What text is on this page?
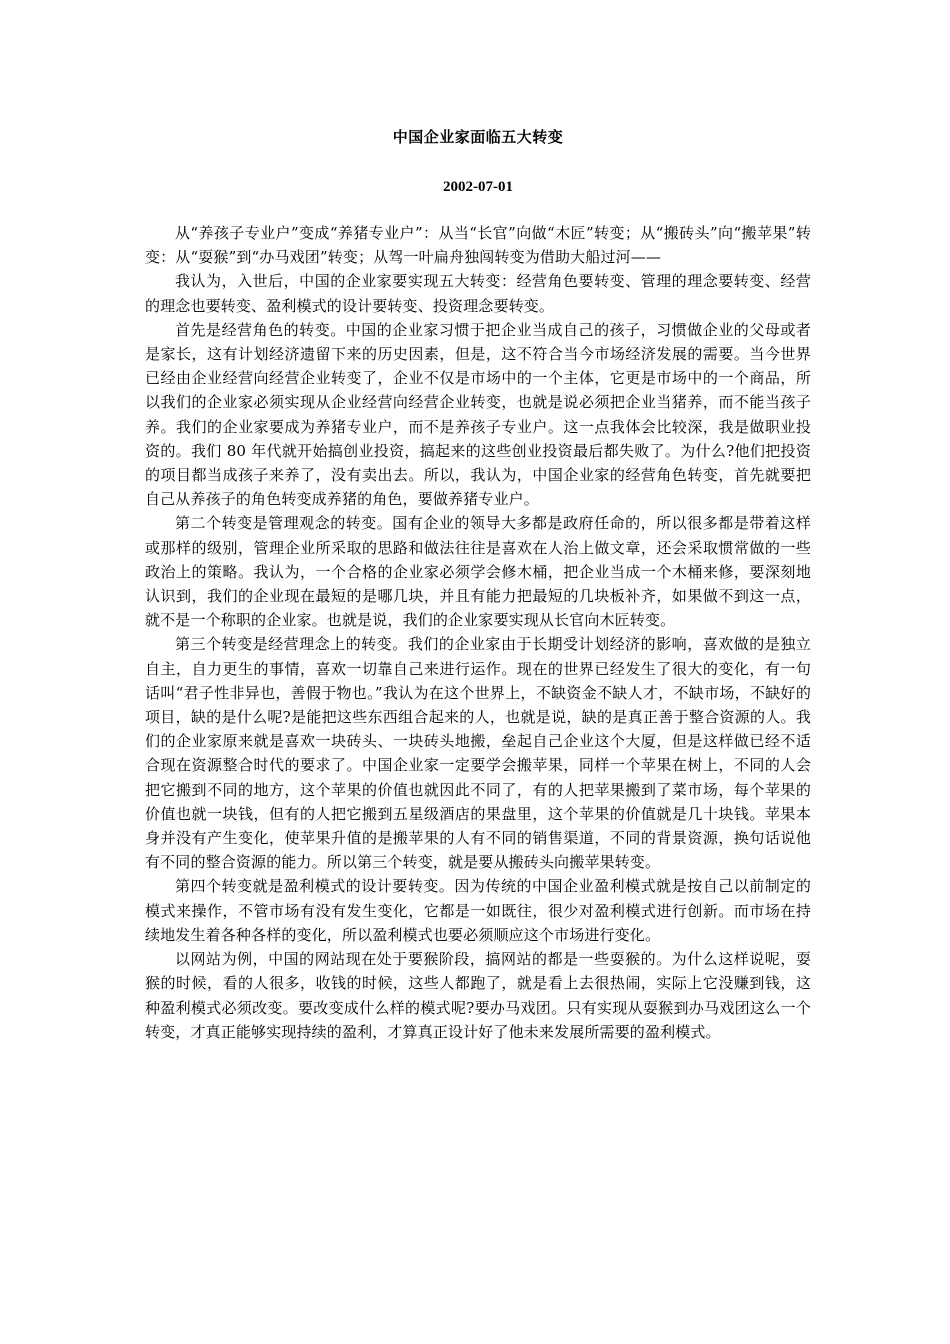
中国企业家面临五大转变
2002-07-01

从“养孩子专业户”变成“养猪专业户”：从当“长官”向做“木匠”转变；从“搬砖头”向“搬苹果”转变：从“耍猴”到“办马戏团”转变；从驾一叶扁舟独闯转变为借助大船过河——

我认为，入世后，中国的企业家要实现五大转变：经营角色要转变、管理的理念要转变、经营的理念也要转变、盈利模式的设计要转变、投资理念要转变。

首先是经营角色的转变。中国的企业家习惯于把企业当成自己的孩子，习惯做企业的父母或者是家长，这有计划经济遗留下来的历史因素，但是，这不符合当今市场经济发展的需要。当今世界已经由企业经营向经营企业转变了，企业不仅是市场中的一个主体，它更是市场中的一个商品，所以我们的企业家必须实现从企业经营向经营企业转变，也就是说必须把企业当猪养，而不能当孩子养。我们的企业家要成为养猪专业户，而不是养孩子专业户。这一点我体会比较深，我是做职业投资的。我们 80 年代就开始搞创业投资，搞起来的这些创业投资最后都失败了。为什么?他们把投资的项目都当成孩子来养了，没有卖出去。所以，我认为，中国企业家的经营角色转变，首先就要把自己从养孩子的角色转变成养猪的角色，要做养猪专业户。

第二个转变是管理观念的转变。国有企业的领导大多都是政府任命的，所以很多都是带着这样或那样的级别，管理企业所采取的思路和做法往往是喜欢在人治上做文章，还会采取惯常做的一些政治上的策略。我认为，一个合格的企业家必须学会修木桶，把企业当成一个木桶来修，要深刻地认识到，我们的企业现在最短的是哪几块，并且有能力把最短的几块板补齐，如果做不到这一点，就不是一个称职的企业家。也就是说，我们的企业家要实现从长官向木匠转变。

第三个转变是经营理念上的转变。我们的企业家由于长期受计划经济的影响，喜欢做的是独立自主，自力更生的事情，喜欢一切靠自己来进行运作。现在的世界已经发生了很大的变化，有一句话叫“君子性非异也，善假于物也。”我认为在这个世界上，不缺资金不缺人才，不缺市场，不缺好的项目，缺的是什么呢?是能把这些东西组合起来的人，也就是说，缺的是真正善于整合资源的人。我们的企业家原来就是喜欢一块砖头、一块砖头地搬，垒起自己企业这个大厦，但是这样做已经不适合现在资源整合时代的要求了。中国企业家一定要学会搬苹果，同样一个苹果在树上，不同的人会把它搬到不同的地方，这个苹果的价值也就因此不同了，有的人把苹果搬到了菜市场，每个苹果的价值也就一块钱，但有的人把它搬到五星级酒店的果盘里，这个苹果的价值就是几十块钱。苹果本身并没有产生变化，使苹果升值的是搬苹果的人有不同的销售渠道，不同的背景资源，换句话说他有不同的整合资源的能力。所以第三个转变，就是要从搬砖头向搬苹果转变。

第四个转变就是盈利模式的设计要转变。因为传统的中国企业盈利模式就是按自己以前制定的模式来操作，不管市场有没有发生变化，它都是一如既往，很少对盈利模式进行创新。而市场在持续地发生着各种各样的变化，所以盈利模式也要必须顺应这个市场进行变化。

以网站为例，中国的网站现在处于要猴阶段，搞网站的都是一些耍猴的。为什么这样说呢，耍猴的时候，看的人很多，收钱的时候，这些人都跑了，就是看上去很热闹，实际上它没赚到钱，这种盈利模式必须改变。要改变成什么样的模式呢?要办马戏团。只有实现从耍猴到办马戏团这么一个转变，才真正能够实现持续的盈利，才算真正设计好了他未来发展所需要的盈利模式。
